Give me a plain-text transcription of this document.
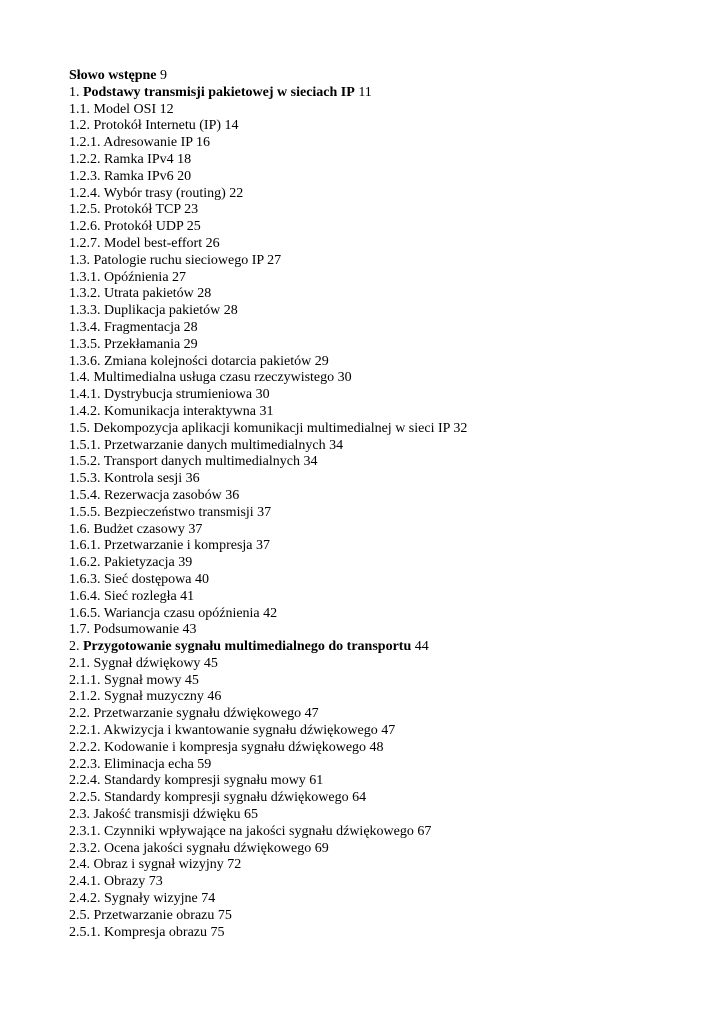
Słowo wstępne 9
1. Podstawy transmisji pakietowej w sieciach IP 11
1.1. Model OSI 12
1.2. Protokół Internetu (IP) 14
1.2.1. Adresowanie IP 16
1.2.2. Ramka IPv4 18
1.2.3. Ramka IPv6 20
1.2.4. Wybór trasy (routing) 22
1.2.5. Protokół TCP 23
1.2.6. Protokół UDP 25
1.2.7. Model best-effort 26
1.3. Patologie ruchu sieciowego IP 27
1.3.1. Opóźnienia 27
1.3.2. Utrata pakietów 28
1.3.3. Duplikacja pakietów 28
1.3.4. Fragmentacja 28
1.3.5. Przekłamania 29
1.3.6. Zmiana kolejności dotarcia pakietów 29
1.4. Multimedialna usługa czasu rzeczywistego 30
1.4.1. Dystrybucja strumieniowa 30
1.4.2. Komunikacja interaktywna 31
1.5. Dekompozycja aplikacji komunikacji multimedialnej w sieci IP 32
1.5.1. Przetwarzanie danych multimedialnych 34
1.5.2. Transport danych multimedialnych 34
1.5.3. Kontrola sesji 36
1.5.4. Rezerwacja zasobów 36
1.5.5. Bezpieczeństwo transmisji 37
1.6. Budżet czasowy 37
1.6.1. Przetwarzanie i kompresja 37
1.6.2. Pakietyzacja 39
1.6.3. Sieć dostępowa 40
1.6.4. Sieć rozległa 41
1.6.5. Wariancja czasu opóźnienia 42
1.7. Podsumowanie 43
2. Przygotowanie sygnału multimedialnego do transportu 44
2.1. Sygnał dźwiękowy 45
2.1.1. Sygnał mowy 45
2.1.2. Sygnał muzyczny 46
2.2. Przetwarzanie sygnału dźwiękowego 47
2.2.1. Akwizycja i kwantowanie sygnału dźwiękowego 47
2.2.2. Kodowanie i kompresja sygnału dźwiękowego 48
2.2.3. Eliminacja echa 59
2.2.4. Standardy kompresji sygnału mowy 61
2.2.5. Standardy kompresji sygnału dźwiękowego 64
2.3. Jakość transmisji dźwięku 65
2.3.1. Czynniki wpływające na jakości sygnału dźwiękowego 67
2.3.2. Ocena jakości sygnału dźwiękowego 69
2.4. Obraz i sygnał wizyjny 72
2.4.1. Obrazy 73
2.4.2. Sygnały wizyjne 74
2.5. Przetwarzanie obrazu 75
2.5.1. Kompresja obrazu 75
